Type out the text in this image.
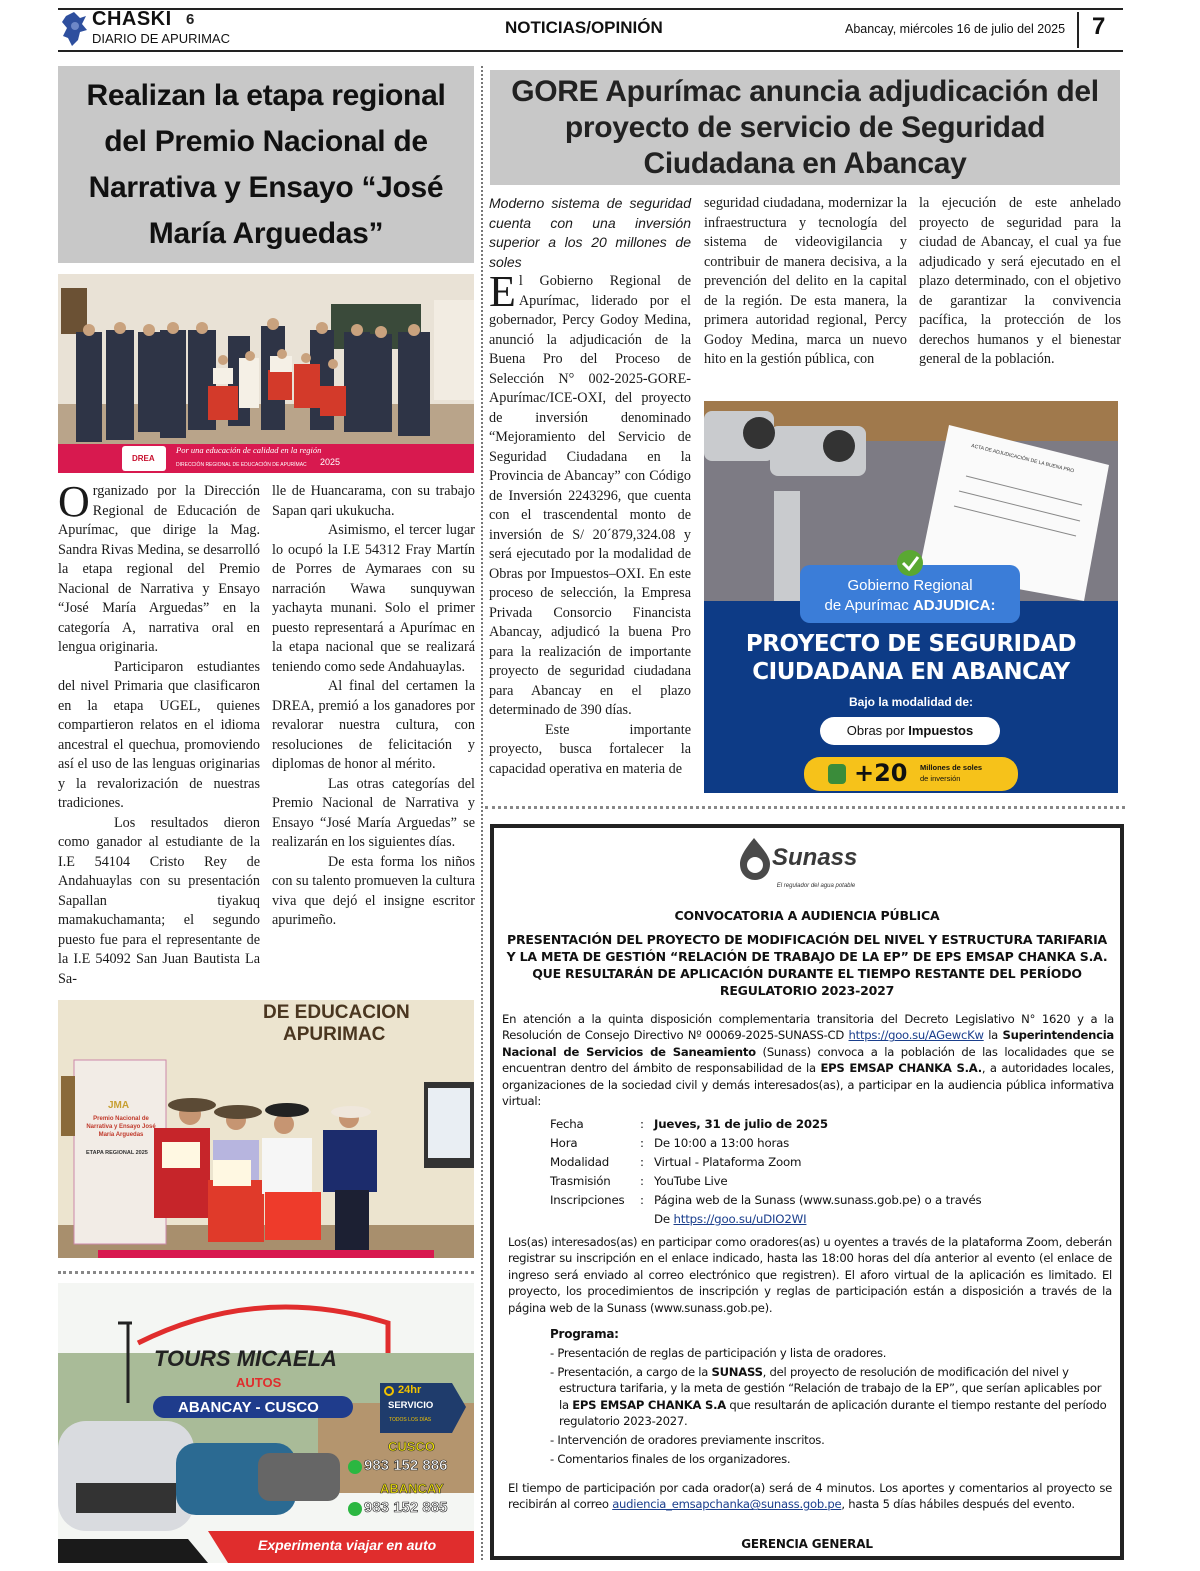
CHASKI 6
DIARIO DE APURIMAC
NOTICIAS/OPINIÓN	Abancay, miércoles 16 de julio del 2025 7
Realizan la etapa regional del Premio Nacional de Narrativa y Ensayo “José María Arguedas”
DREA
Por una educación de calidad en la región
DIRECCIÓN REGIONAL DE EDUCACIÓN DE APURÍMAC 2025

Organizado por la Dirección Regional de Educación de Apurímac, que dirige la Mag. Sandra Rivas Medina, se desarrolló la etapa regional del Premio Nacional de Narrativa y Ensayo “José María Arguedas” en la categoría A, narrativa oral en lengua originaria.

Participaron estudiantes del nivel Primaria que clasificaron en la etapa UGEL, quienes compartieron relatos en el idioma ancestral el quechua, promoviendo así el uso de las lenguas originarias y la revalorización de nuestras tradiciones.

Los resultados dieron como ganador al estudiante de la I.E 54104 Cristo Rey de Andahuaylas con su presentación Sapallan tiyakuq mamakuchamanta; el segundo puesto fue para el representante de la I.E 54092 San Juan Bautista La Sa-

lle de Huancarama, con su trabajo Sapan qari ukukucha.

Asimismo, el tercer lugar lo ocupó la I.E 54312 Fray Martín de Porres de Aymaraes con su narración Wawa sunquywan yachayta munani. Solo el primer puesto representará a Apurímac en la etapa nacional que se realizará teniendo como sede Andahuaylas.

Al final del certamen la DREA, premió a los ganadores por revalorar nuestra cultura, con resoluciones de felicitación y diplomas de honor al mérito.

Las otras categorías del Premio Nacional de Narrativa y Ensayo “José María Arguedas” se realizarán en los siguientes días.

De esta forma los niños con su talento promueven la cultura viva que dejó el insigne escritor apurimeño.

DE EDUCACION
APURIMAC
JMA
Premio Nacional de Narrativa y Ensayo José María Arguedas
ETAPA REGIONAL 2025
TOURS MICAELA
AUTOS
ABANCAY - CUSCO
24hr
SERVICIO
TODOS LOS DÍAS
CUSCO
983 152 886
ABANCAY
983 152 885
Experimenta viajar en auto
GORE Apurímac anuncia adjudicación del proyecto de servicio de Seguridad Ciudadana en Abancay

Moderno sistema de seguridad cuenta con una inversión superior a los 20 millones de soles

El Gobierno Regional de Apurímac, liderado por el gobernador, Percy Godoy Medina, anunció la adjudicación de la Buena Pro del Proceso de Selección N° 002-2025-GORE-Apurímac/ICE-OXI, del proyecto de inversión denominado “Mejoramiento del Servicio de Seguridad Ciudadana en la Provincia de Abancay” con Código de Inversión 2243296, que cuenta con el trascendental monto de inversión de S/ 20´879,324.08 y será ejecutado por la modalidad de Obras por Impuestos–OXI. En este proceso de selección, la Empresa Privada Consorcio Financista Abancay, adjudicó la buena Pro para la realización de importante proyecto de seguridad ciudadana para Abancay en el plazo determinado de 390 días.

Este importante proyecto, busca fortalecer la capacidad operativa en materia de

seguridad ciudadana, modernizar la infraestructura y tecnología del sistema de videovigilancia y contribuir de manera decisiva, a la prevención del delito en la capital de la región. De esta manera, la primera autoridad regional, Percy Godoy Medina, marca un nuevo hito en la gestión pública, con

la ejecución de este anhelado proyecto de seguridad para la ciudad de Abancay, el cual ya fue adjudicado y será ejecutado en el plazo determinado, con el objetivo de garantizar la convivencia pacífica, la protección de los derechos humanos y el bienestar general de la población.

ACTA DE ADJUDICACIÓN DE LA BUENA PRO
Gobierno Regional
de Apurímac ADJUDICA:
PROYECTO DE SEGURIDAD
CIUDADANA EN ABANCAY
Bajo la modalidad de:
Obras por Impuestos
+20 Millones de soles
de inversión
Sunass
El regulador del agua potable
CONVOCATORIA A AUDIENCIA PÚBLICA
PRESENTACIÓN DEL PROYECTO DE MODIFICACIÓN DEL NIVEL Y ESTRUCTURA TARIFARIA
Y LA META DE GESTIÓN “RELACIÓN DE TRABAJO DE LA EP” DE EPS EMSAP CHANKA S.A.
QUE RESULTARÁN DE APLICACIÓN DURANTE EL TIEMPO RESTANTE DEL PERÍODO
REGULATORIO 2023-2027
En atención a la quinta disposición complementaria transitoria del Decreto Legislativo N° 1620 y a la Resolución de Consejo Directivo Nº 00069-2025-SUNASS-CD https://goo.su/AGewcKw la Superintendencia Nacional de Servicios de Saneamiento (Sunass) convoca a la población de las localidades que se encuentran dentro del ámbito de responsabilidad de la EPS EMSAP CHANKA S.A., a autoridades locales, organizaciones de la sociedad civil y demás interesados(as), a participar en la audiencia pública informativa virtual:
Fecha	: Jueves, 31 de julio de 2025
Hora	: De 10:00 a 13:00 horas
Modalidad	: Virtual - Plataforma Zoom
Trasmisión	: YouTube Live
Inscripciones	: Página web de la Sunass (www.sunass.gob.pe) o a través
De https://goo.su/uDIO2WI
Los(as) interesados(as) en participar como oradores(as) u oyentes a través de la plataforma Zoom, deberán registrar su inscripción en el enlace indicado, hasta las 18:00 horas del día anterior al evento (el enlace de ingreso será enviado al correo electrónico que registren). El aforo virtual de la aplicación es limitado. El proyecto, los procedimientos de inscripción y reglas de participación están a disposición a través de la página web de la Sunass (www.sunass.gob.pe).
Programa:
- Presentación de reglas de participación y lista de oradores.
- Presentación, a cargo de la SUNASS, del proyecto de resolución de modificación del nivel y estructura tarifaria, y la meta de gestión “Relación de trabajo de la EP”, que serían aplicables por la EPS EMSAP CHANKA S.A que resultarán de aplicación durante el tiempo restante del período regulatorio 2023-2027.
- Intervención de oradores previamente inscritos.
- Comentarios finales de los organizadores.
El tiempo de participación por cada orador(a) será de 4 minutos. Los aportes y comentarios al proyecto se recibirán al correo audiencia_emsapchanka@sunass.gob.pe, hasta 5 días hábiles después del evento.
GERENCIA GENERAL
